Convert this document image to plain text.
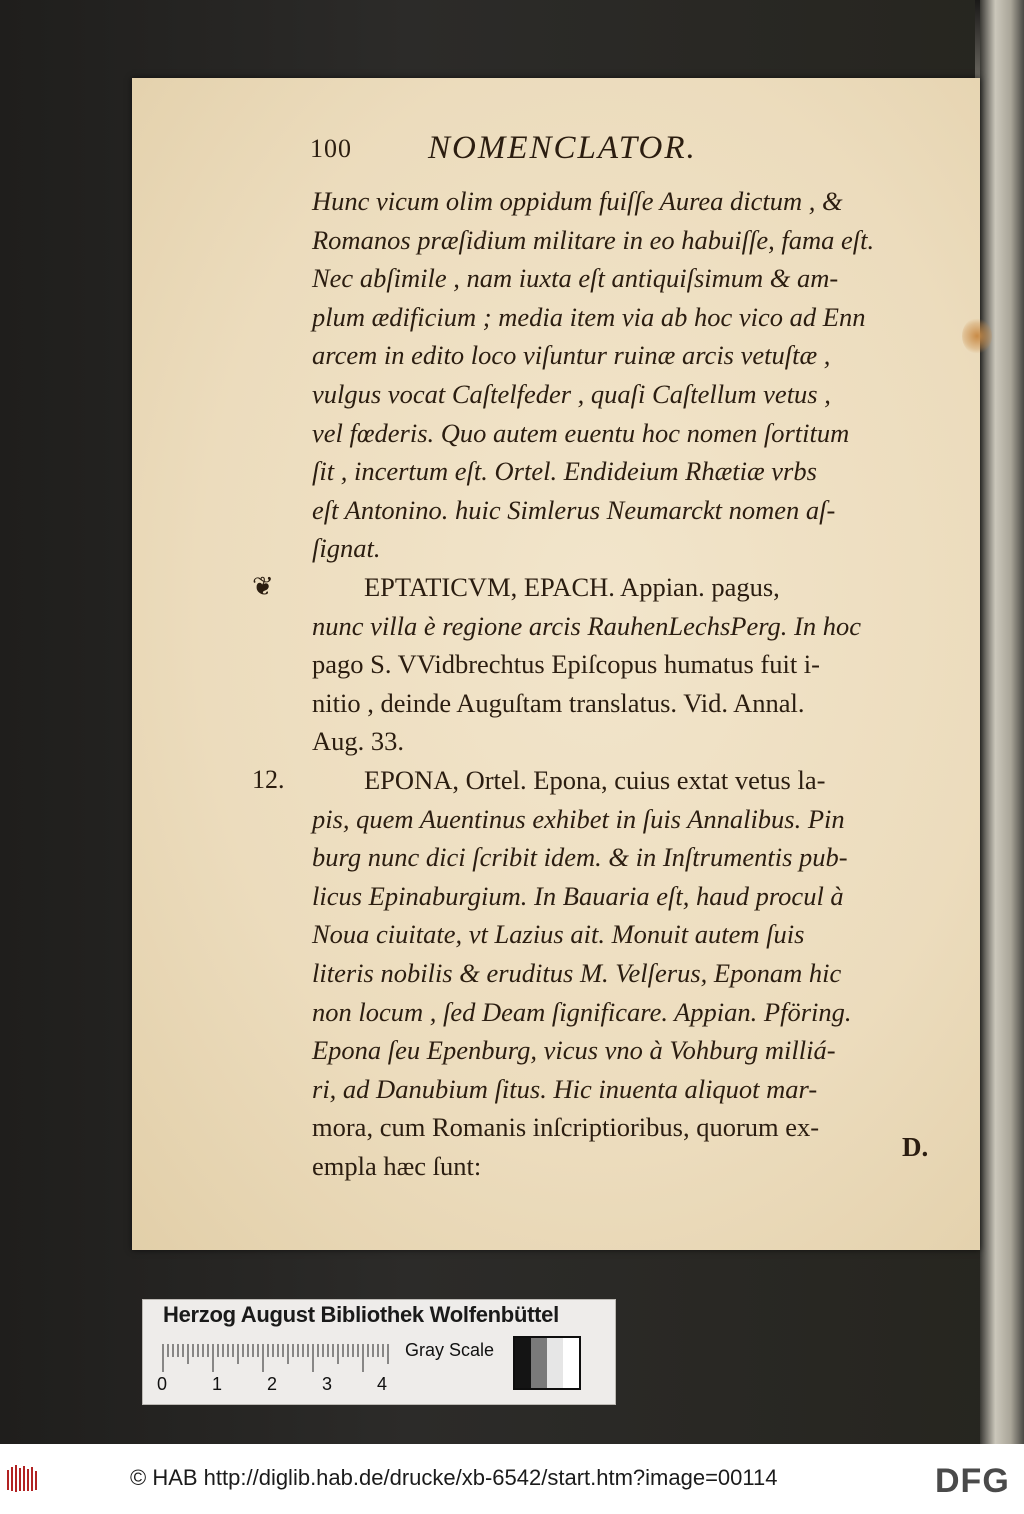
100 NOMENCLATOR.
D.
Hunc vicum olim oppidum fuiſſe Aurea dictum , &
Romanos præſidium militare in eo habuiſſe, fama eſt.
Nec abſimile , nam iuxta eſt antiquiſsimum & am-
plum ædificium ; media item via ab hoc vico ad Enn
arcem in edito loco viſuntur ruinæ arcis vetuſtæ ,
vulgus vocat Caſtelfeder , quaſi Caſtellum vetus ,
vel fœderis. Quo autem euentu hoc nomen ſortitum
ſit , incertum eſt. Ortel. Endideium Rhætiæ vrbs
eſt Antonino. huic Simlerus Neumarckt nomen aſ-
ſignat.
EPTATICVM, EPACH. Appian. pagus,
❦
nunc villa è regione arcis RauhenLechsPerg. In hoc
pago S. VVidbrechtus Epiſcopus humatus fuit i-
nitio , deinde Auguſtam translatus. Vid. Annal.
Aug. 33.
EPONA, Ortel. Epona, cuius extat vetus la-
12.
pis, quem Auentinus exhibet in ſuis Annalibus. Pin
burg nunc dici ſcribit idem. & in Inſtrumentis pub-
licus Epinaburgium. In Bauaria eſt, haud procul à
Noua ciuitate, vt Lazius ait. Monuit autem ſuis
literis nobilis & eruditus M. Velſerus, Eponam hic
non locum , ſed Deam ſignificare. Appian. Pföring.
Epona ſeu Epenburg, vicus vno à Vohburg milliá-
ri, ad Danubium ſitus. Hic inuenta aliquot mar-
mora, cum Romanis inſcriptioribus, quorum ex-
empla hæc ſunt:
Herzog August Bibliothek Wolfenbüttel
0 1 2 3 4
Gray Scale
© HAB http://diglib.hab.de/drucke/xb-6542/start.htm?image=00114	DFG
